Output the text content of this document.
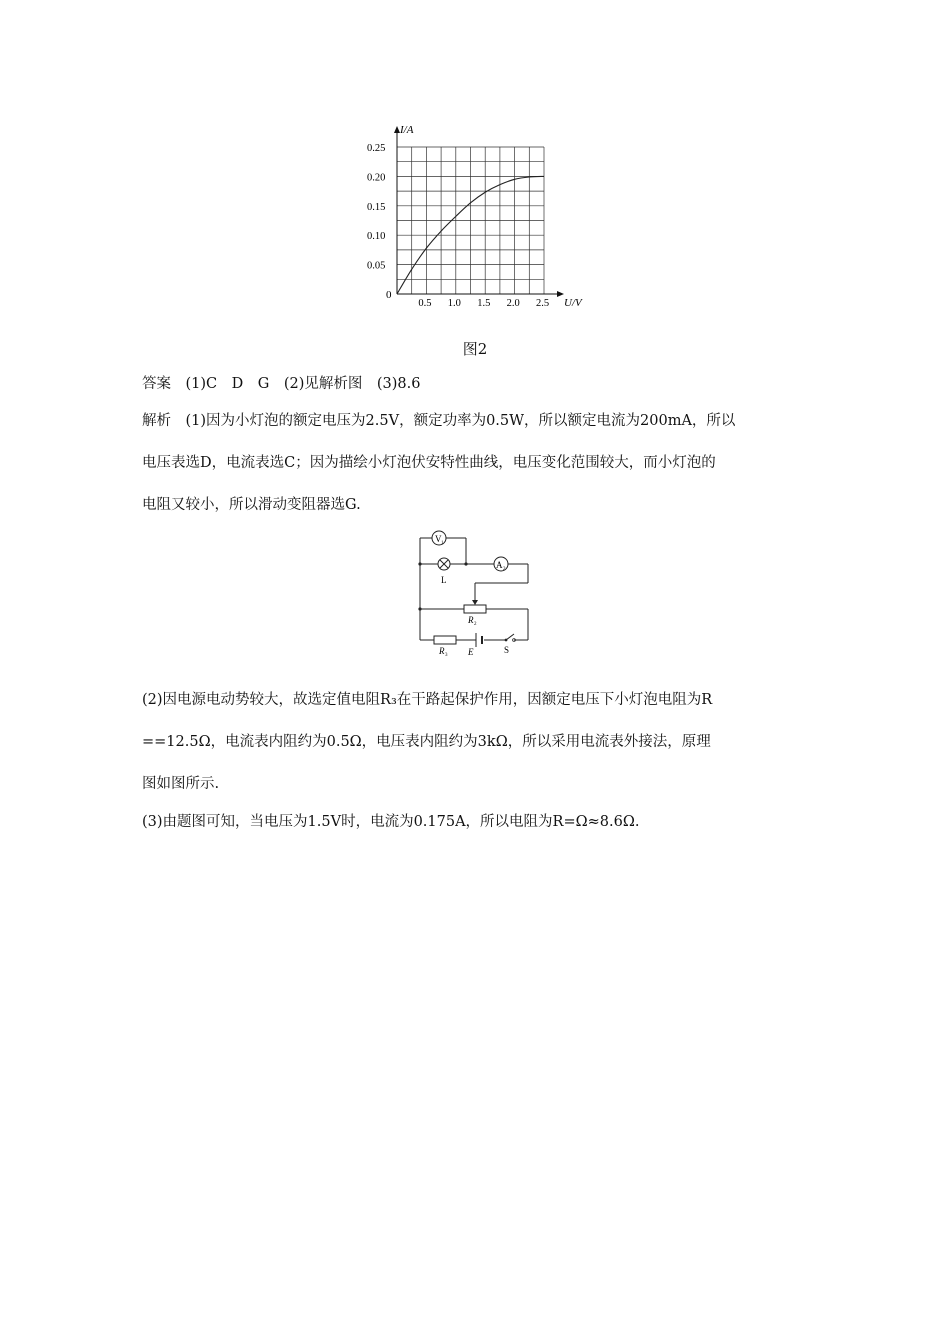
0.5 1.0 1.5 2.0 2.5
0.25
0.20
0.15
0.10
0.05
I/A
U/V
0
图2
答案　(1)C　D　G　(2)见解析图　(3)8.6
解析　(1)因为小灯泡的额定电压为2.5V，额定功率为0.5W，所以额定电流为200mA，所以
电压表选D，电流表选C；因为描绘小灯泡伏安特性曲线，电压变化范围较大，而小灯泡的
电阻又较小，所以滑动变阻器选G.
V 1
L
A 2
R 2
R 3 E	S
(2)因电源电动势较大，故选定值电阻R₃在干路起保护作用，因额定电压下小灯泡电阻为R
==12.5Ω，电流表内阻约为0.5Ω，电压表内阻约为3kΩ，所以采用电流表外接法，原理
图如图所示.
(3)由题图可知，当电压为1.5V时，电流为0.175A，所以电阻为R=Ω≈8.6Ω.
